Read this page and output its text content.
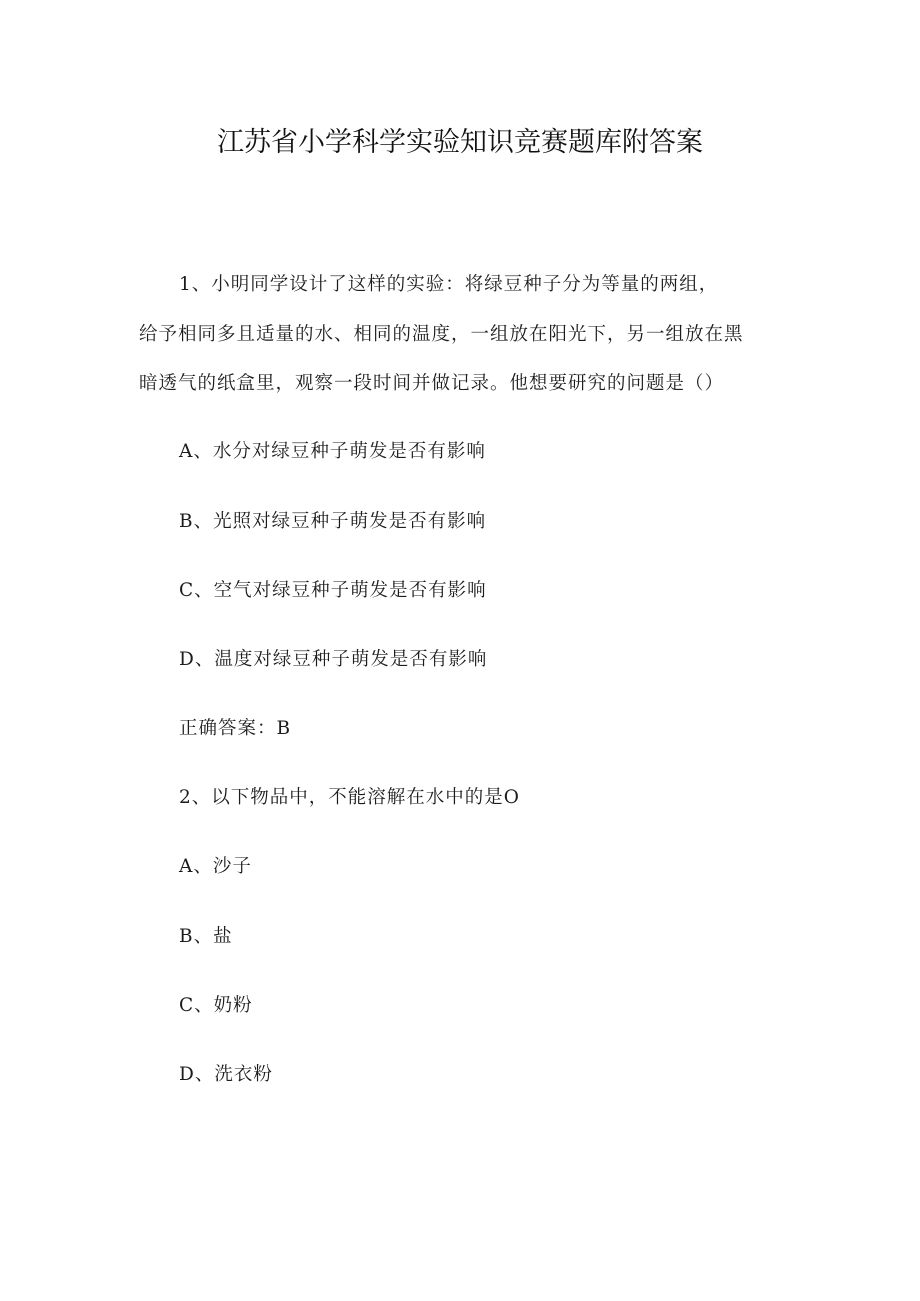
江苏省小学科学实验知识竞赛题库附答案
1、小明同学设计了这样的实验：将绿豆种子分为等量的两组，
给予相同多且适量的水、相同的温度，一组放在阳光下，另一组放在黑
暗透气的纸盒里，观察一段时间并做记录。他想要研究的问题是（）
A、水分对绿豆种子萌发是否有影响
B、光照对绿豆种子萌发是否有影响
C、空气对绿豆种子萌发是否有影响
D、温度对绿豆种子萌发是否有影响
正确答案：B
2、以下物品中，不能溶解在水中的是O
A、沙子
B、盐
C、奶粉
D、洗衣粉
